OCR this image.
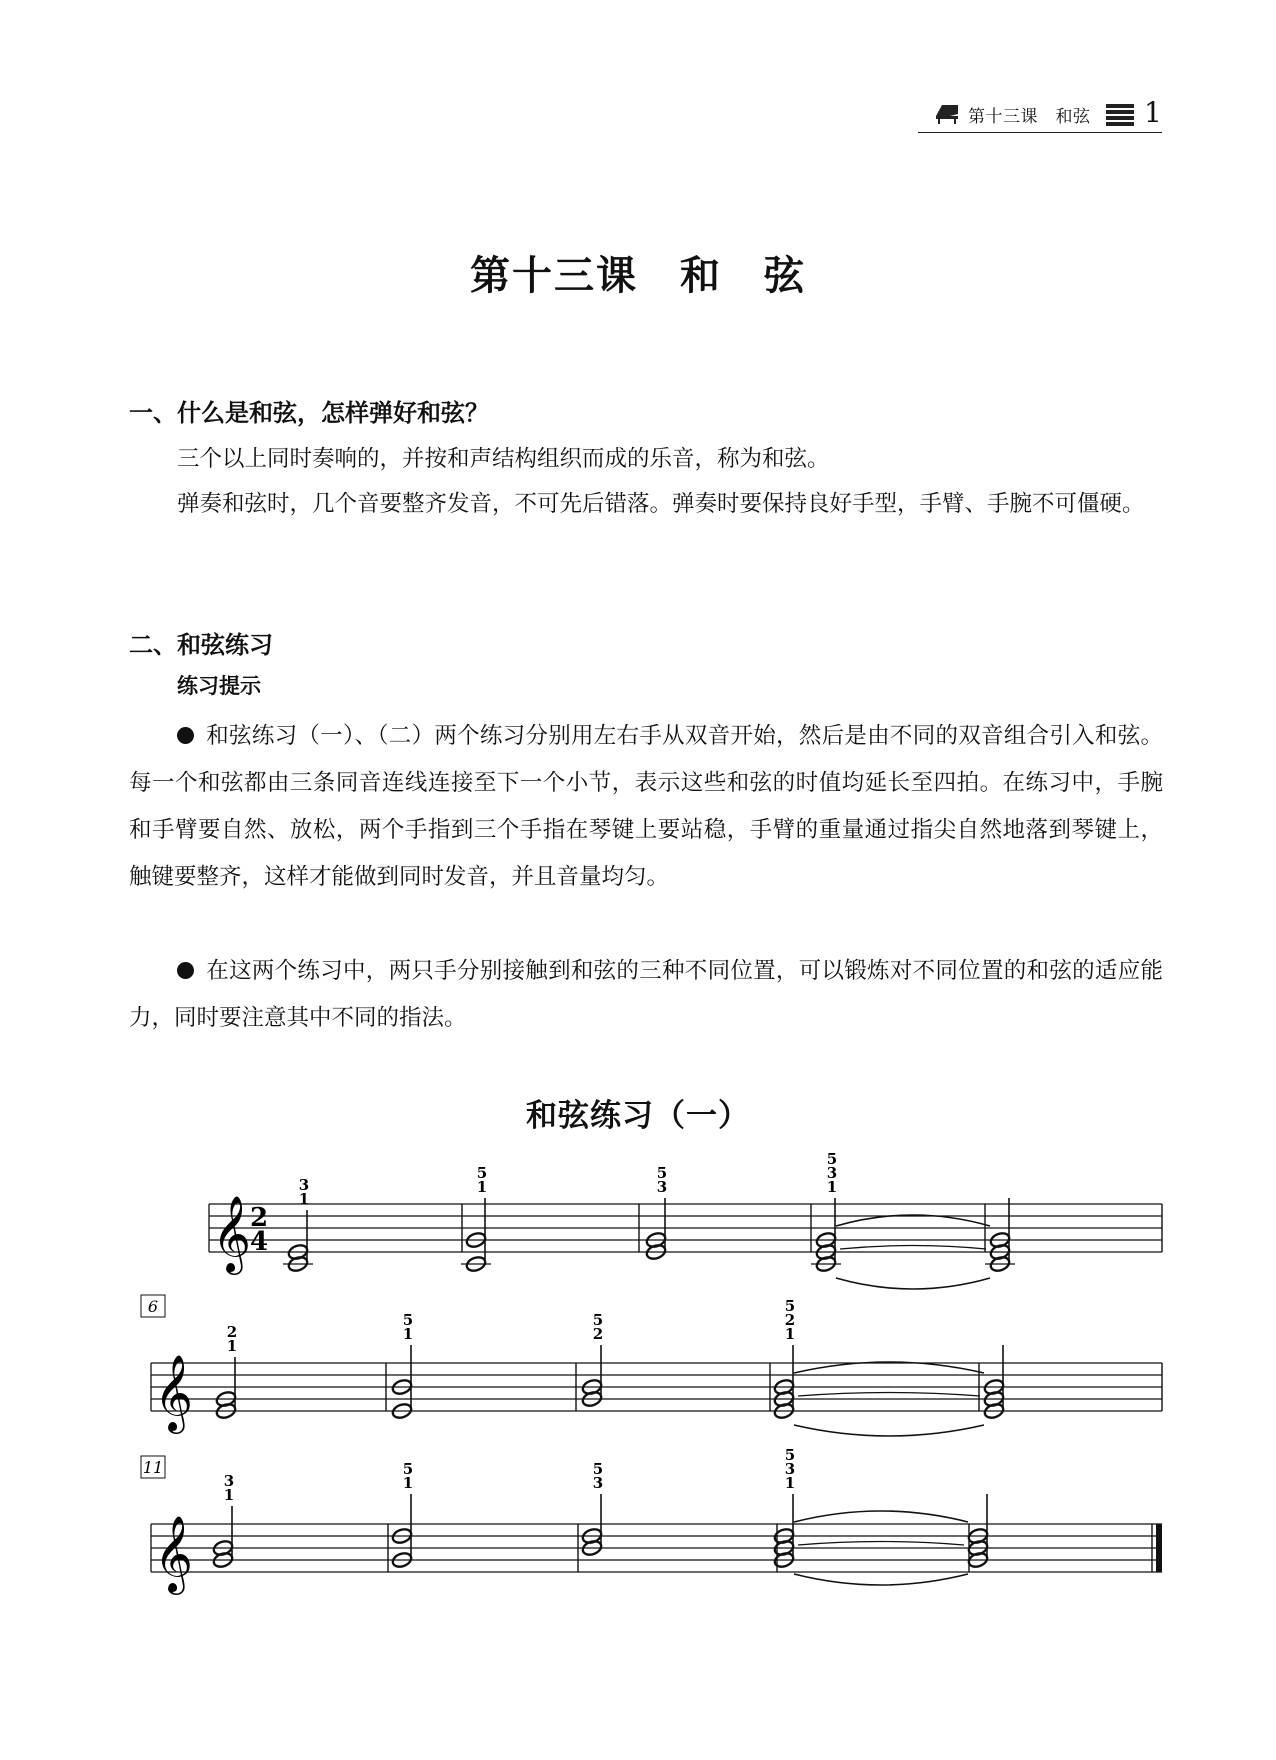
第十三课　和弦 1
第十三课　和　弦
一、什么是和弦，怎样弹好和弦？

三个以上同时奏响的，并按和声结构组织而成的乐音，称为和弦。

弹奏和弦时，几个音要整齐发音，不可先后错落。弹奏时要保持良好手型，手臂、手腕不可僵硬。

二、和弦练习
练习提示

和弦练习（一）、（二）两个练习分别用左右手从双音开始，然后是由不同的双音组合引入和弦。每一个和弦都由三条同音连线连接至下一个小节，表示这些和弦的时值均延长至四拍。在练习中，手腕和手臂要自然、放松，两个手指到三个手指在琴键上要站稳，手臂的重量通过指尖自然地落到琴键上，触键要整齐，这样才能做到同时发音，并且音量均匀。

在这两个练习中，两只手分别接触到和弦的三种不同位置，可以锻炼对不同位置的和弦的适应能力，同时要注意其中不同的指法。

和弦练习（一）
𝄞
2
4
3
1
5
1
5
3
5
3
1
𝄞
6
2
1
5
1
5
2
5
2
1
𝄞
11
3
1
5
1
5
3
5
3
1
